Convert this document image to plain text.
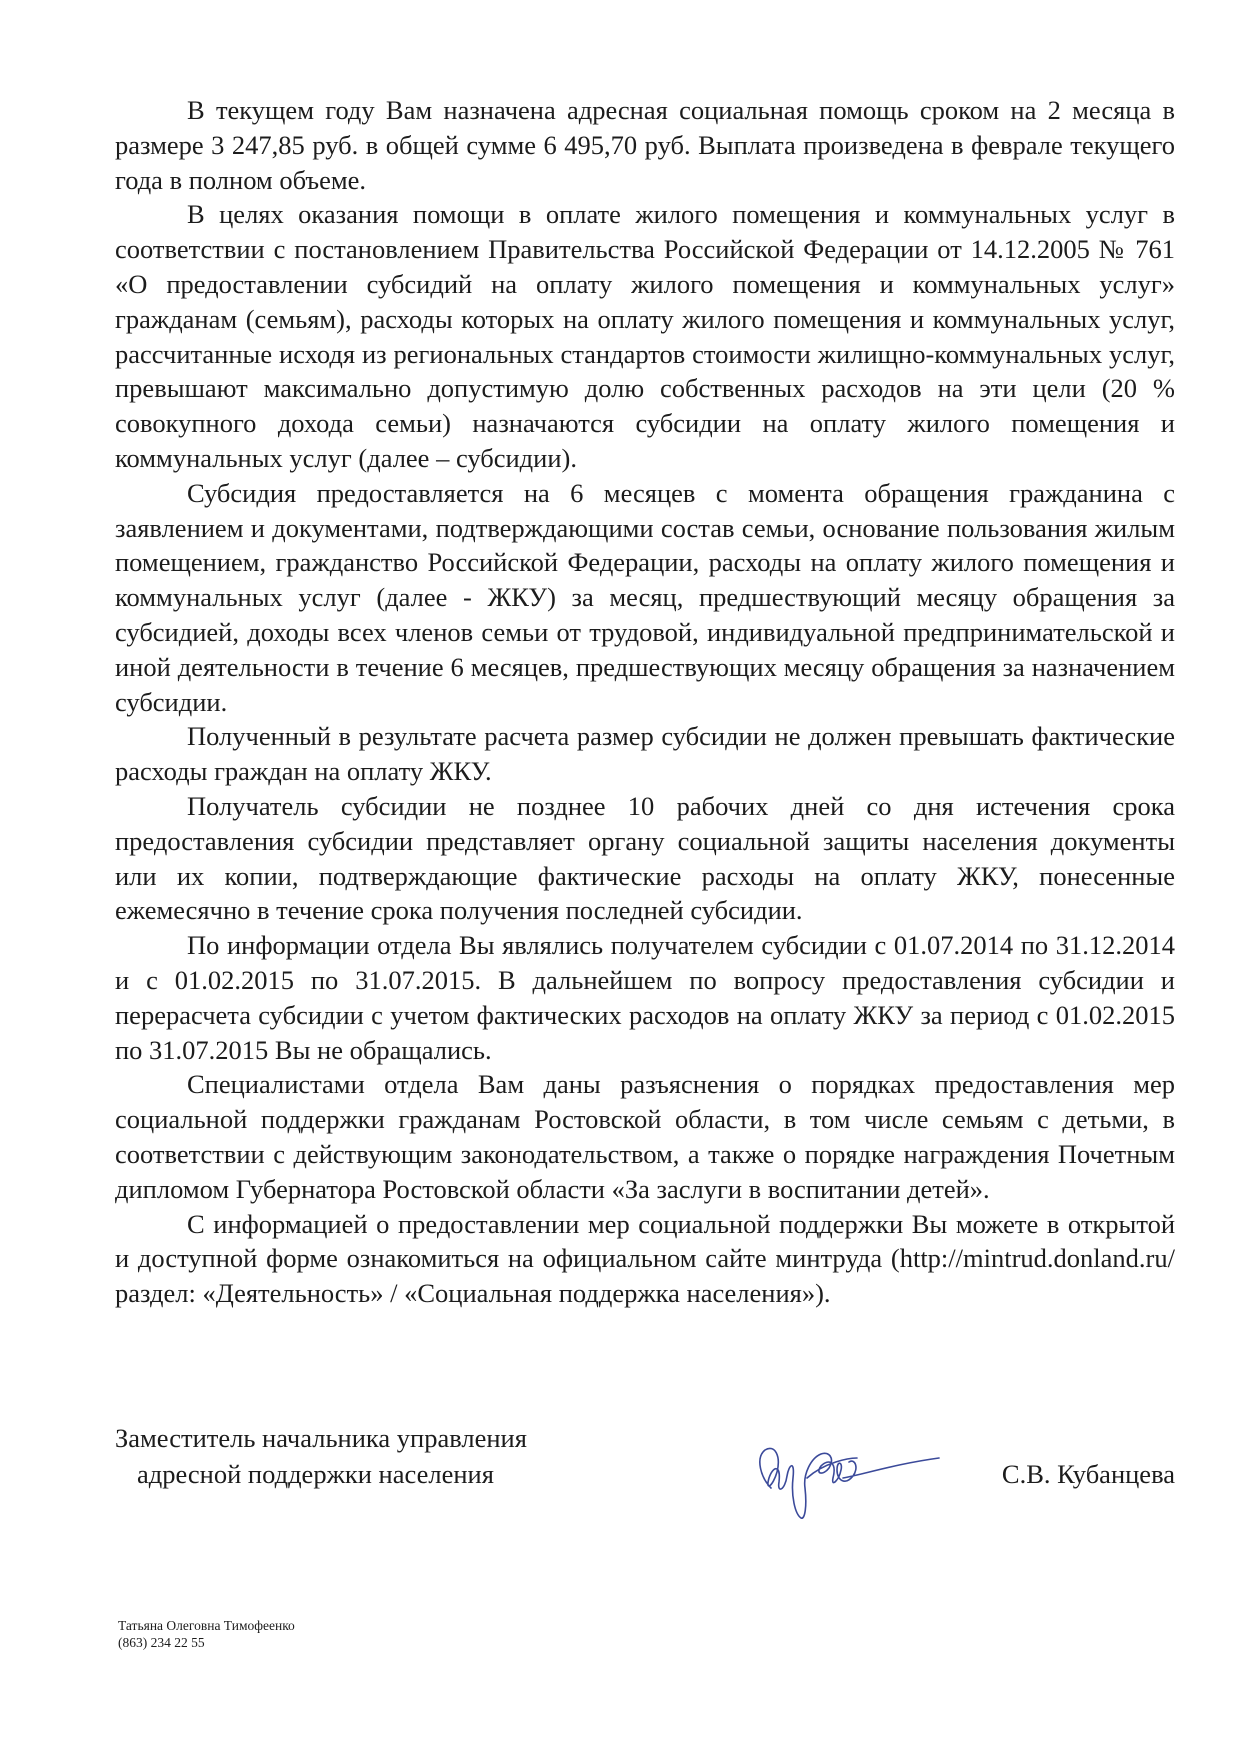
В текущем году Вам назначена адресная социальная помощь сроком на 2 месяца в размере 3 247,85 руб. в общей сумме 6 495,70 руб. Выплата произведена в феврале текущего года в полном объеме.

В целях оказания помощи в оплате жилого помещения и коммунальных услуг в соответствии с постановлением Правительства Российской Федерации от 14.12.2005 № 761 «О предоставлении субсидий на оплату жилого помещения и коммунальных услуг» гражданам (семьям), расходы которых на оплату жилого помещения и коммунальных услуг, рассчитанные исходя из региональных стандартов стоимости жилищно-коммунальных услуг, превышают максимально допустимую долю собственных расходов на эти цели (20 % совокупного дохода семьи) назначаются субсидии на оплату жилого помещения и коммунальных услуг (далее – субсидии).

Субсидия предоставляется на 6 месяцев с момента обращения гражданина с заявлением и документами, подтверждающими состав семьи, основание пользования жилым помещением, гражданство Российской Федерации, расходы на оплату жилого помещения и коммунальных услуг (далее - ЖКУ) за месяц, предшествующий месяцу обращения за субсидией, доходы всех членов семьи от трудовой, индивидуальной предпринимательской и иной деятельности в течение 6 месяцев, предшествующих месяцу обращения за назначением субсидии.

Полученный в результате расчета размер субсидии не должен превышать фактические расходы граждан на оплату ЖКУ.

Получатель субсидии не позднее 10 рабочих дней со дня истечения срока предоставления субсидии представляет органу социальной защиты населения документы или их копии, подтверждающие фактические расходы на оплату ЖКУ, понесенные ежемесячно в течение срока получения последней субсидии.

По информации отдела Вы являлись получателем субсидии с 01.07.2014 по 31.12.2014 и с 01.02.2015 по 31.07.2015. В дальнейшем по вопросу предоставления субсидии и перерасчета субсидии с учетом фактических расходов на оплату ЖКУ за период с 01.02.2015 по 31.07.2015 Вы не обращались.

Специалистами отдела Вам даны разъяснения о порядках предоставления мер социальной поддержки гражданам Ростовской области, в том числе семьям с детьми, в соответствии с действующим законодательством, а также о порядке награждения Почетным дипломом Губернатора Ростовской области «За заслуги в воспитании детей».

С информацией о предоставлении мер социальной поддержки Вы можете в открытой и доступной форме ознакомиться на официальном сайте минтруда (http://mintrud.donland.ru/ раздел: «Деятельность» / «Социальная поддержка населения»).

Заместитель начальника управления
адресной поддержки населения	С.В. Кубанцева
Татьяна Олеговна Тимофеенко
(863) 234 22 55
